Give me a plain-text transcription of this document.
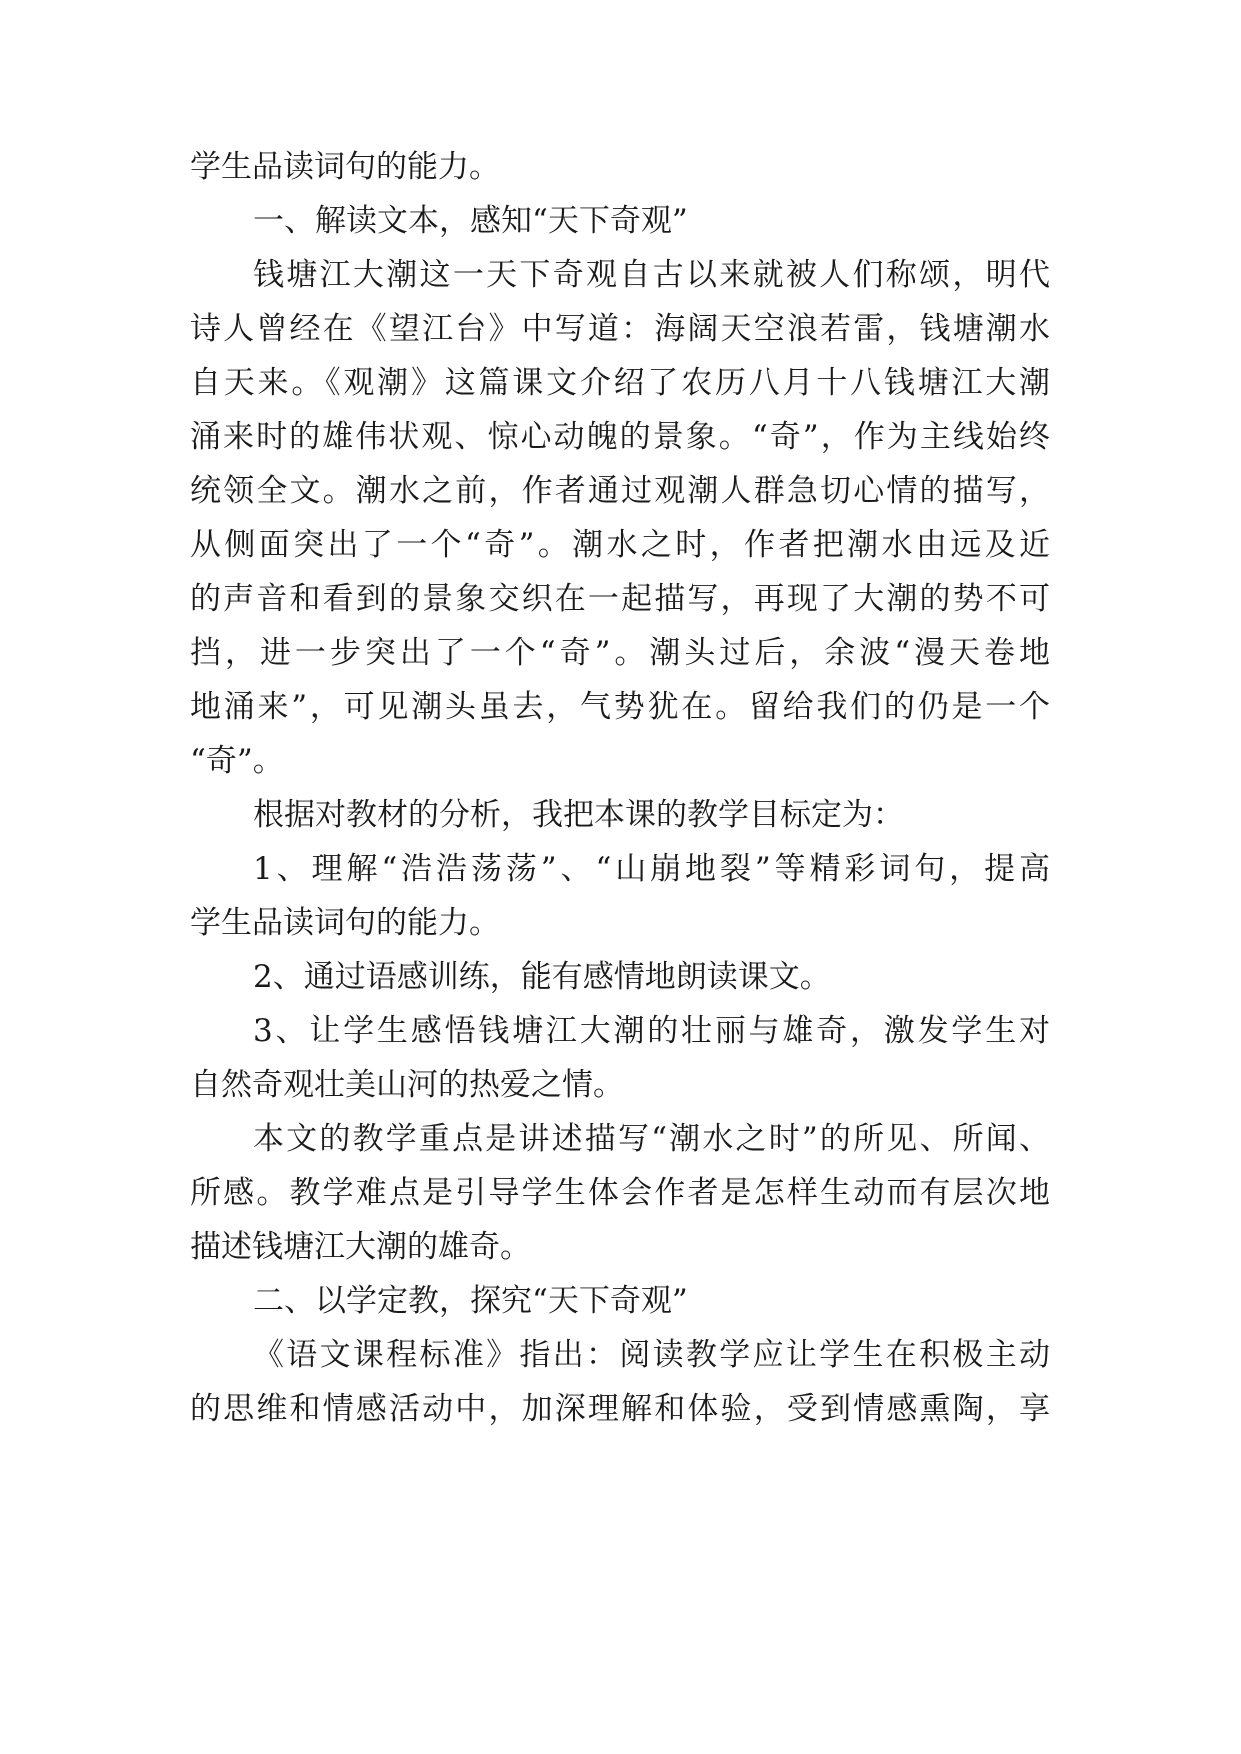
学生品读词句的能力。
一、解读文本，感知“天下奇观”
钱塘江大潮这一天下奇观自古以来就被人们称颂，明代
诗人曾经在《望江台》中写道：海阔天空浪若雷，钱塘潮水
自天来。《观潮》这篇课文介绍了农历八月十八钱塘江大潮
涌来时的雄伟状观、惊心动魄的景象。“奇”，作为主线始终
统领全文。潮水之前，作者通过观潮人群急切心情的描写，
从侧面突出了一个“奇”。潮水之时，作者把潮水由远及近
的声音和看到的景象交织在一起描写，再现了大潮的势不可
挡，进一步突出了一个“奇”。潮头过后，余波“漫天卷地
地涌来”，可见潮头虽去，气势犹在。留给我们的仍是一个
“奇”。
根据对教材的分析，我把本课的教学目标定为：
1、理解“浩浩荡荡”、“山崩地裂”等精彩词句，提高
学生品读词句的能力。
2、通过语感训练，能有感情地朗读课文。
3、让学生感悟钱塘江大潮的壮丽与雄奇，激发学生对
自然奇观壮美山河的热爱之情。
本文的教学重点是讲述描写“潮水之时”的所见、所闻、
所感。教学难点是引导学生体会作者是怎样生动而有层次地
描述钱塘江大潮的雄奇。
二、以学定教，探究“天下奇观”
《语文课程标准》指出：阅读教学应让学生在积极主动
的思维和情感活动中，加深理解和体验，受到情感熏陶，享
